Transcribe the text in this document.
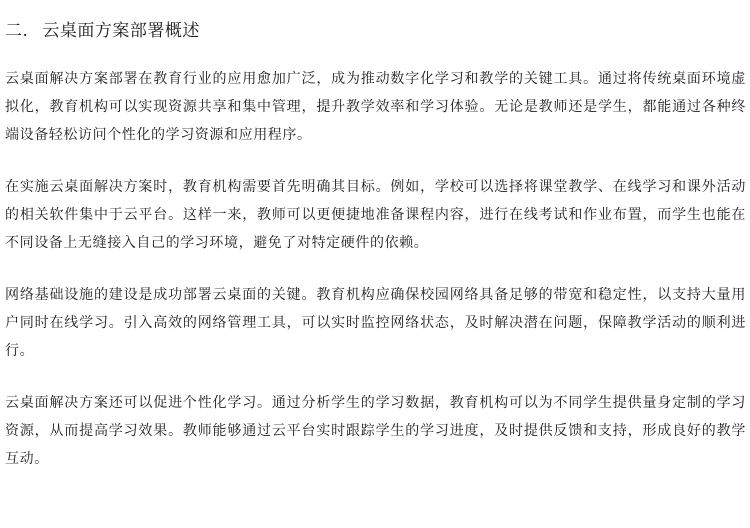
二. 云桌面方案部署概述

云桌面解决方案部署在教育行业的应用愈加广泛，成为推动数字化学习和教学的关键工具。通过将传统桌面环境虚拟化，教育机构可以实现资源共享和集中管理，提升教学效率和学习体验。无论是教师还是学生，都能通过各种终端设备轻松访问个性化的学习资源和应用程序。

在实施云桌面解决方案时，教育机构需要首先明确其目标。例如，学校可以选择将课堂教学、在线学习和课外活动的相关软件集中于云平台。这样一来，教师可以更便捷地准备课程内容，进行在线考试和作业布置，而学生也能在不同设备上无缝接入自己的学习环境，避免了对特定硬件的依赖。

网络基础设施的建设是成功部署云桌面的关键。教育机构应确保校园网络具备足够的带宽和稳定性，以支持大量用户同时在线学习。引入高效的网络管理工具，可以实时监控网络状态，及时解决潜在问题，保障教学活动的顺利进行。

云桌面解决方案还可以促进个性化学习。通过分析学生的学习数据，教育机构可以为不同学生提供量身定制的学习资源，从而提高学习效果。教师能够通过云平台实时跟踪学生的学习进度，及时提供反馈和支持，形成良好的教学互动。
